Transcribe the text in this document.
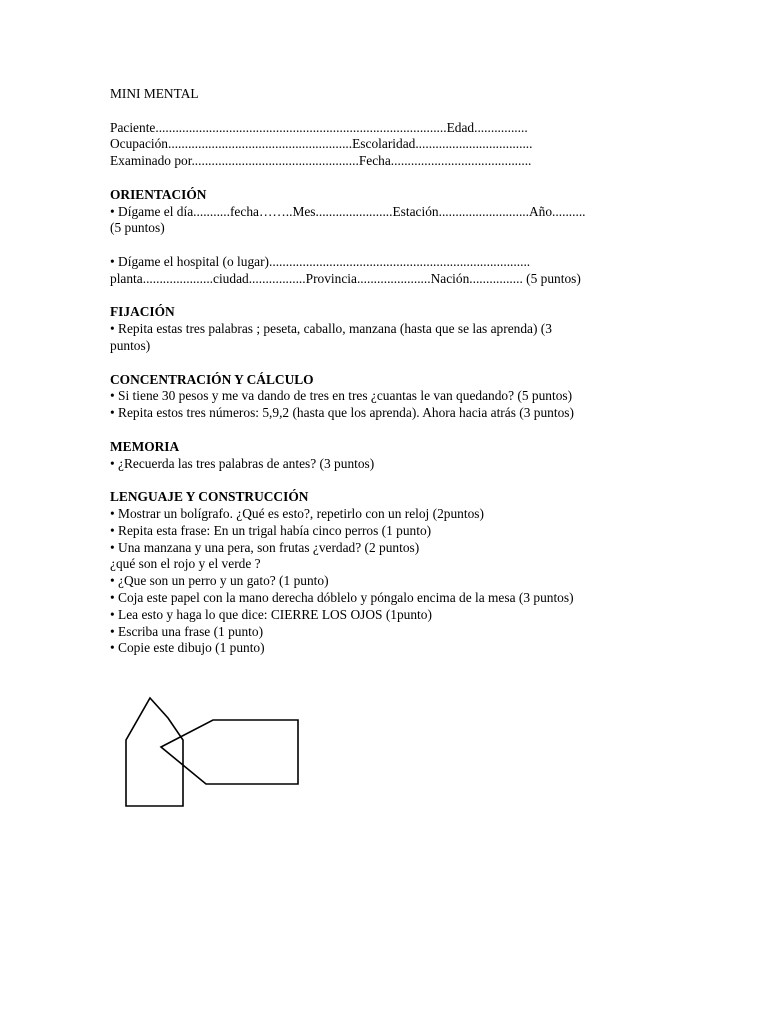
MINI MENTAL
Paciente.......................................................................................Edad................
Ocupación.......................................................Escolaridad...................................
Examinado por..................................................Fecha..........................................
ORIENTACIÓN
• Dígame el día...........fecha……..Mes.......................Estación...........................Año..........
(5 puntos)
• Dígame el hospital (o lugar)..............................................................................
planta.....................ciudad.................Provincia......................Nación................ (5 puntos)
FIJACIÓN
• Repita estas tres palabras ; peseta, caballo, manzana (hasta que se las aprenda) (3
puntos)
CONCENTRACIÓN Y CÁLCULO
• Si tiene 30 pesos y me va dando de tres en tres ¿cuantas le van quedando? (5 puntos)
• Repita estos tres números: 5,9,2 (hasta que los aprenda). Ahora hacia atrás (3 puntos)
MEMORIA
• ¿Recuerda las tres palabras de antes? (3 puntos)
LENGUAJE Y CONSTRUCCIÓN
• Mostrar un bolígrafo. ¿Qué es esto?, repetirlo con un reloj (2puntos)
• Repita esta frase: En un trigal había cinco perros (1 punto)
• Una manzana y una pera, son frutas ¿verdad? (2 puntos)
¿qué son el rojo y el verde ?
• ¿Que son un perro y un gato? (1 punto)
• Coja este papel con la mano derecha dóblelo y póngalo encima de la mesa (3 puntos)
• Lea esto y haga lo que dice: CIERRE LOS OJOS (1punto)
• Escriba una frase (1 punto)
• Copie este dibujo (1 punto)
